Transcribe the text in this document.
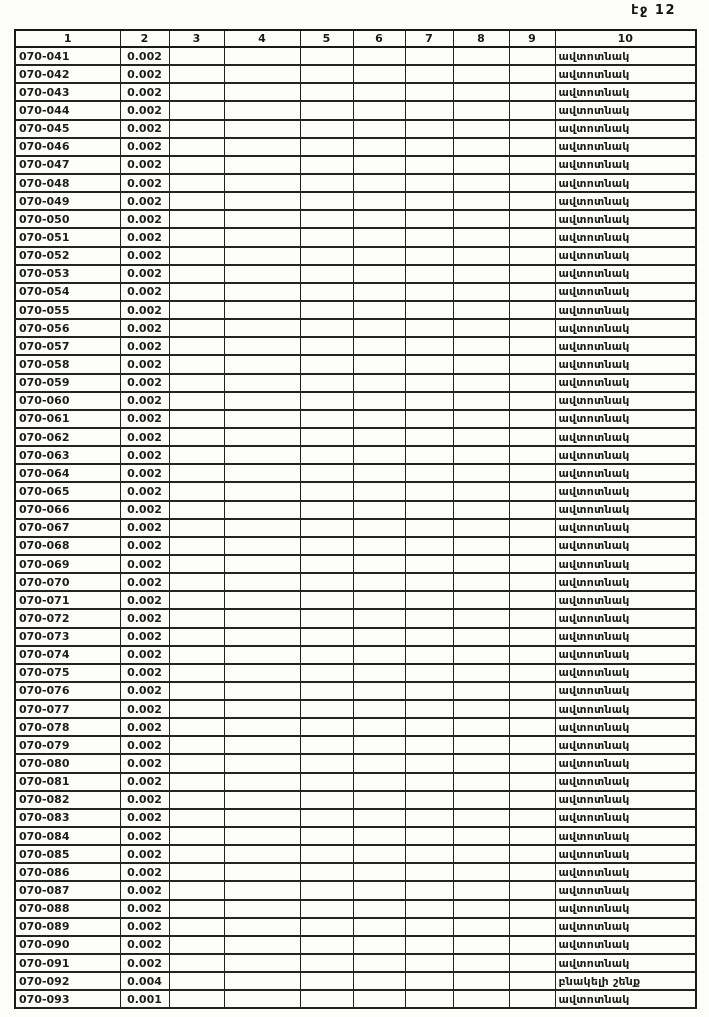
էջ 12
1	2	3	4	5	6	7	8	9	10
070-041	0.002								ավտոտնակ
070-042	0.002								ավտոտնակ
070-043	0.002								ավտոտնակ
070-044	0.002								ավտոտնակ
070-045	0.002								ավտոտնակ
070-046	0.002								ավտոտնակ
070-047	0.002								ավտոտնակ
070-048	0.002								ավտոտնակ
070-049	0.002								ավտոտնակ
070-050	0.002								ավտոտնակ
070-051	0.002								ավտոտնակ
070-052	0.002								ավտոտնակ
070-053	0.002								ավտոտնակ
070-054	0.002								ավտոտնակ
070-055	0.002								ավտոտնակ
070-056	0.002								ավտոտնակ
070-057	0.002								ավտոտնակ
070-058	0.002								ավտոտնակ
070-059	0.002								ավտոտնակ
070-060	0.002								ավտոտնակ
070-061	0.002								ավտոտնակ
070-062	0.002								ավտոտնակ
070-063	0.002								ավտոտնակ
070-064	0.002								ավտոտնակ
070-065	0.002								ավտոտնակ
070-066	0.002								ավտոտնակ
070-067	0.002								ավտոտնակ
070-068	0.002								ավտոտնակ
070-069	0.002								ավտոտնակ
070-070	0.002								ավտոտնակ
070-071	0.002								ավտոտնակ
070-072	0.002								ավտոտնակ
070-073	0.002								ավտոտնակ
070-074	0.002								ավտոտնակ
070-075	0.002								ավտոտնակ
070-076	0.002								ավտոտնակ
070-077	0.002								ավտոտնակ
070-078	0.002								ավտոտնակ
070-079	0.002								ավտոտնակ
070-080	0.002								ավտոտնակ
070-081	0.002								ավտոտնակ
070-082	0.002								ավտոտնակ
070-083	0.002								ավտոտնակ
070-084	0.002								ավտոտնակ
070-085	0.002								ավտոտնակ
070-086	0.002								ավտոտնակ
070-087	0.002								ավտոտնակ
070-088	0.002								ավտոտնակ
070-089	0.002								ավտոտնակ
070-090	0.002								ավտոտնակ
070-091	0.002								ավտոտնակ
070-092	0.004								բնակելի շենք
070-093	0.001								ավտոտնակ
